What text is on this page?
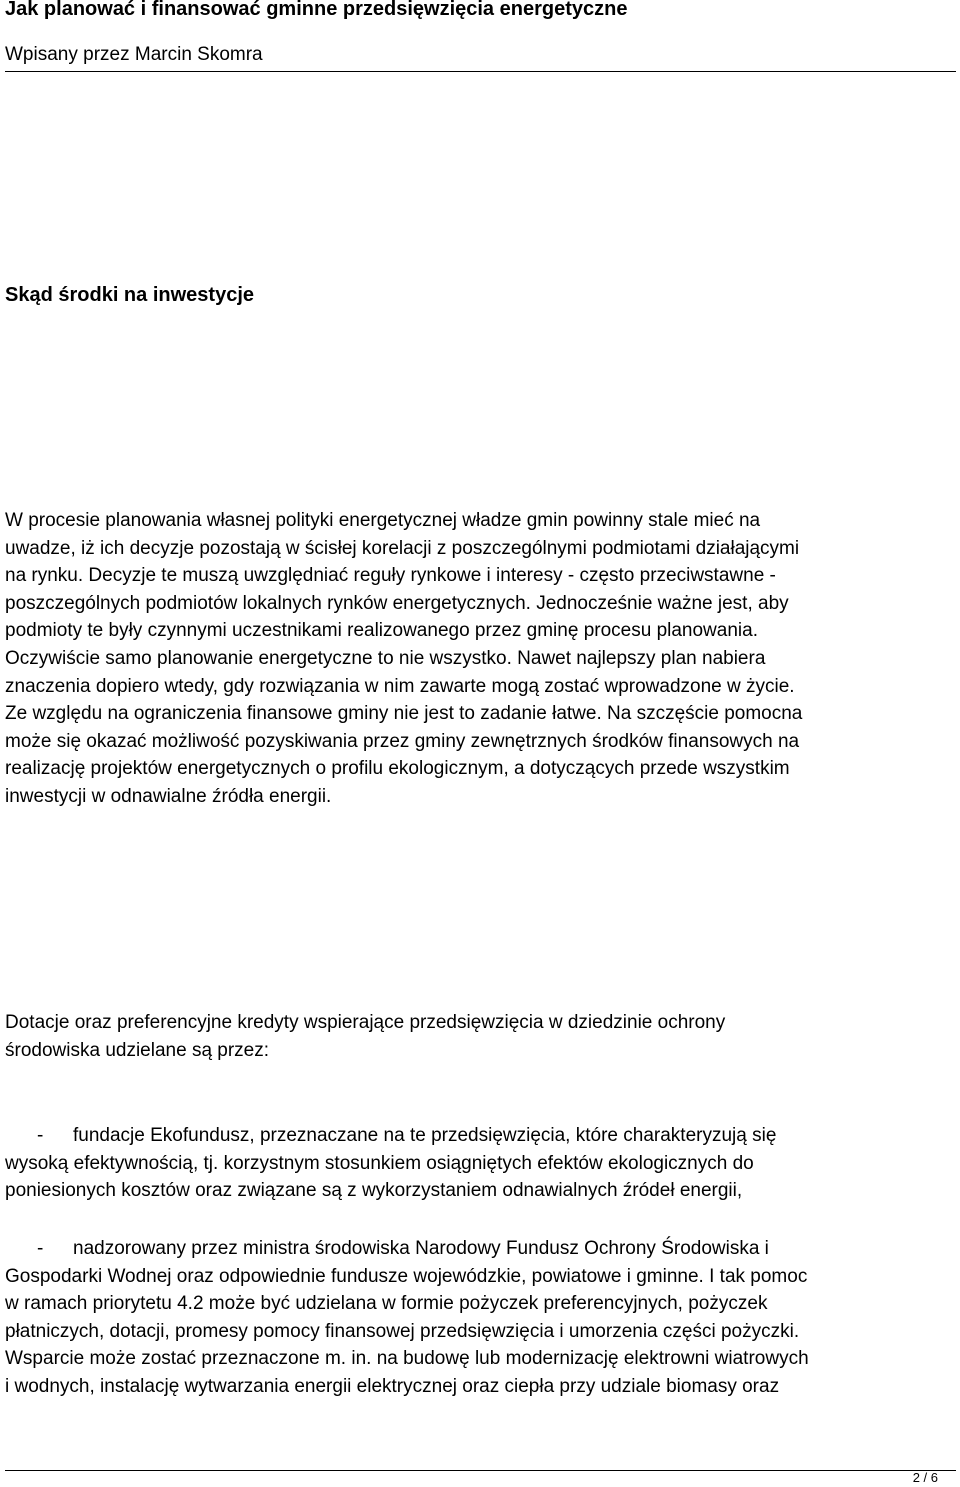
Jak planować i finansować gminne przedsięwzięcia energetyczne
Wpisany przez Marcin Skomra
Skąd środki na inwestycje
W procesie planowania własnej polityki energetycznej władze gmin powinny stale mieć na
uwadze, iż ich decyzje pozostają w ścisłej korelacji z poszczególnymi podmiotami działającymi
na rynku. Decyzje te muszą uwzględniać reguły rynkowe i interesy - często przeciwstawne -
poszczególnych podmiotów lokalnych rynków energetycznych. Jednocześnie ważne jest, aby
podmioty te były czynnymi uczestnikami realizowanego przez gminę procesu planowania.
Oczywiście samo planowanie energetyczne to nie wszystko. Nawet najlepszy plan nabiera
znaczenia dopiero wtedy, gdy rozwiązania w nim zawarte mogą zostać wprowadzone w życie.
Ze względu na ograniczenia finansowe gminy nie jest to zadanie łatwe. Na szczęście pomocna
może się okazać możliwość pozyskiwania przez gminy zewnętrznych środków finansowych na
realizację projektów energetycznych o profilu ekologicznym, a dotyczących przede wszystkim
inwestycji w odnawialne źródła energii.
Dotacje oraz preferencyjne kredyty wspierające przedsięwzięcia w dziedzinie ochrony
środowiska udzielane są przez:
- fundacje Ekofundusz, przeznaczane na te przedsięwzięcia, które charakteryzują się
wysoką efektywnością, tj. korzystnym stosunkiem osiągniętych efektów ekologicznych do
poniesionych kosztów oraz związane są z wykorzystaniem odnawialnych źródeł energii,
- nadzorowany przez ministra środowiska Narodowy Fundusz Ochrony Środowiska i
Gospodarki Wodnej oraz odpowiednie fundusze wojewódzkie, powiatowe i gminne. I tak pomoc
w ramach priorytetu 4.2 może być udzielana w formie pożyczek preferencyjnych, pożyczek
płatniczych, dotacji, promesy pomocy finansowej przedsięwzięcia i umorzenia części pożyczki.
Wsparcie może zostać przeznaczone m. in. na budowę lub modernizację elektrowni wiatrowych
i wodnych, instalację wytwarzania energii elektrycznej oraz ciepła przy udziale biomasy oraz
2 / 6
